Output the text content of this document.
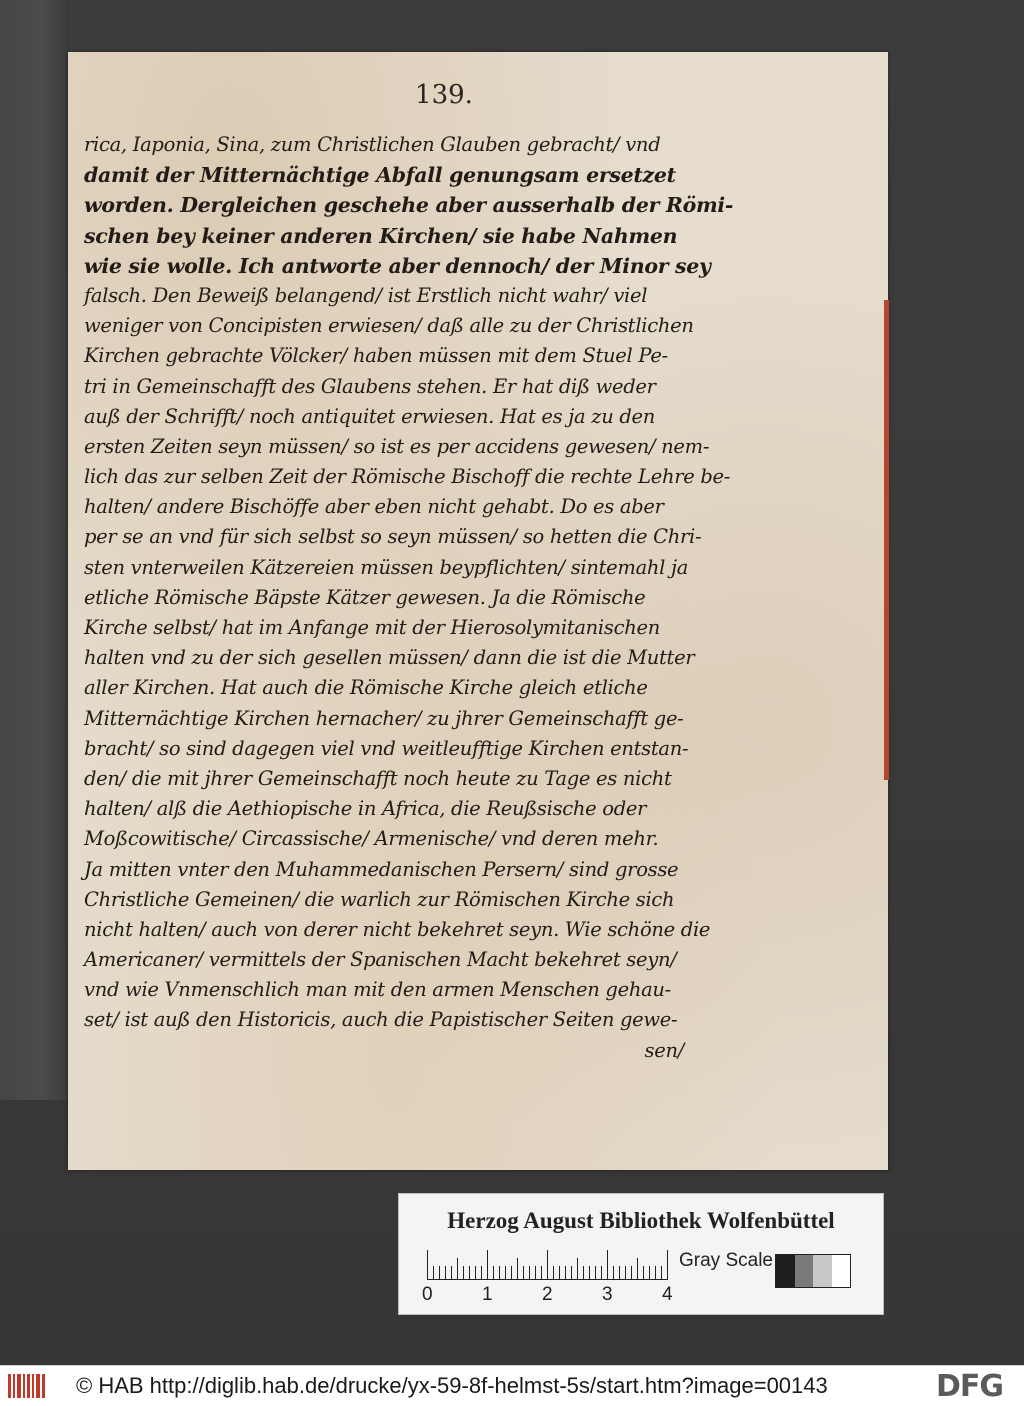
139.
rica, Iaponia, Sina, zum Christlichen Glauben gebracht/ vnd
damit der Mitternächtige Abfall genungsam ersetzet
worden. Dergleichen geschehe aber ausserhalb der Römi-
schen bey keiner anderen Kirchen/ sie habe Nahmen
wie sie wolle. Ich antworte aber dennoch/ der Minor sey
falsch. Den Beweiß belangend/ ist Erstlich nicht wahr/ viel
weniger von Concipisten erwiesen/ daß alle zu der Christlichen
Kirchen gebrachte Völcker/ haben müssen mit dem Stuel Pe-
tri in Gemeinschafft des Glaubens stehen. Er hat diß weder
auß der Schrifft/ noch antiquitet erwiesen. Hat es ja zu den
ersten Zeiten seyn müssen/ so ist es per accidens gewesen/ nem-
lich das zur selben Zeit der Römische Bischoff die rechte Lehre be-
halten/ andere Bischöffe aber eben nicht gehabt. Do es aber
per se an vnd für sich selbst so seyn müssen/ so hetten die Chri-
sten vnterweilen Kätzereien müssen beypflichten/ sintemahl ja
etliche Römische Bäpste Kätzer gewesen. Ja die Römische
Kirche selbst/ hat im Anfange mit der Hierosolymitanischen
halten vnd zu der sich gesellen müssen/ dann die ist die Mutter
aller Kirchen. Hat auch die Römische Kirche gleich etliche
Mitternächtige Kirchen hernacher/ zu jhrer Gemeinschafft ge-
bracht/ so sind dagegen viel vnd weitleufftige Kirchen entstan-
den/ die mit jhrer Gemeinschafft noch heute zu Tage es nicht
halten/ alß die Aethiopische in Africa, die Reußsische oder
Moßcowitische/ Circassische/ Armenische/ vnd deren mehr.
Ja mitten vnter den Muhammedanischen Persern/ sind grosse
Christliche Gemeinen/ die warlich zur Römischen Kirche sich
nicht halten/ auch von derer nicht bekehret seyn. Wie schöne die
Americaner/ vermittels der Spanischen Macht bekehret seyn/
vnd wie Vnmenschlich man mit den armen Menschen gehau-
set/ ist auß den Historicis, auch die Papistischer Seiten gewe-
sen/
Herzog August Bibliothek Wolfenbüttel
0	1	2	3	4
Gray Scale
© HAB http://diglib.hab.de/drucke/yx-59-8f-helmst-5s/start.htm?image=00143	DFG
